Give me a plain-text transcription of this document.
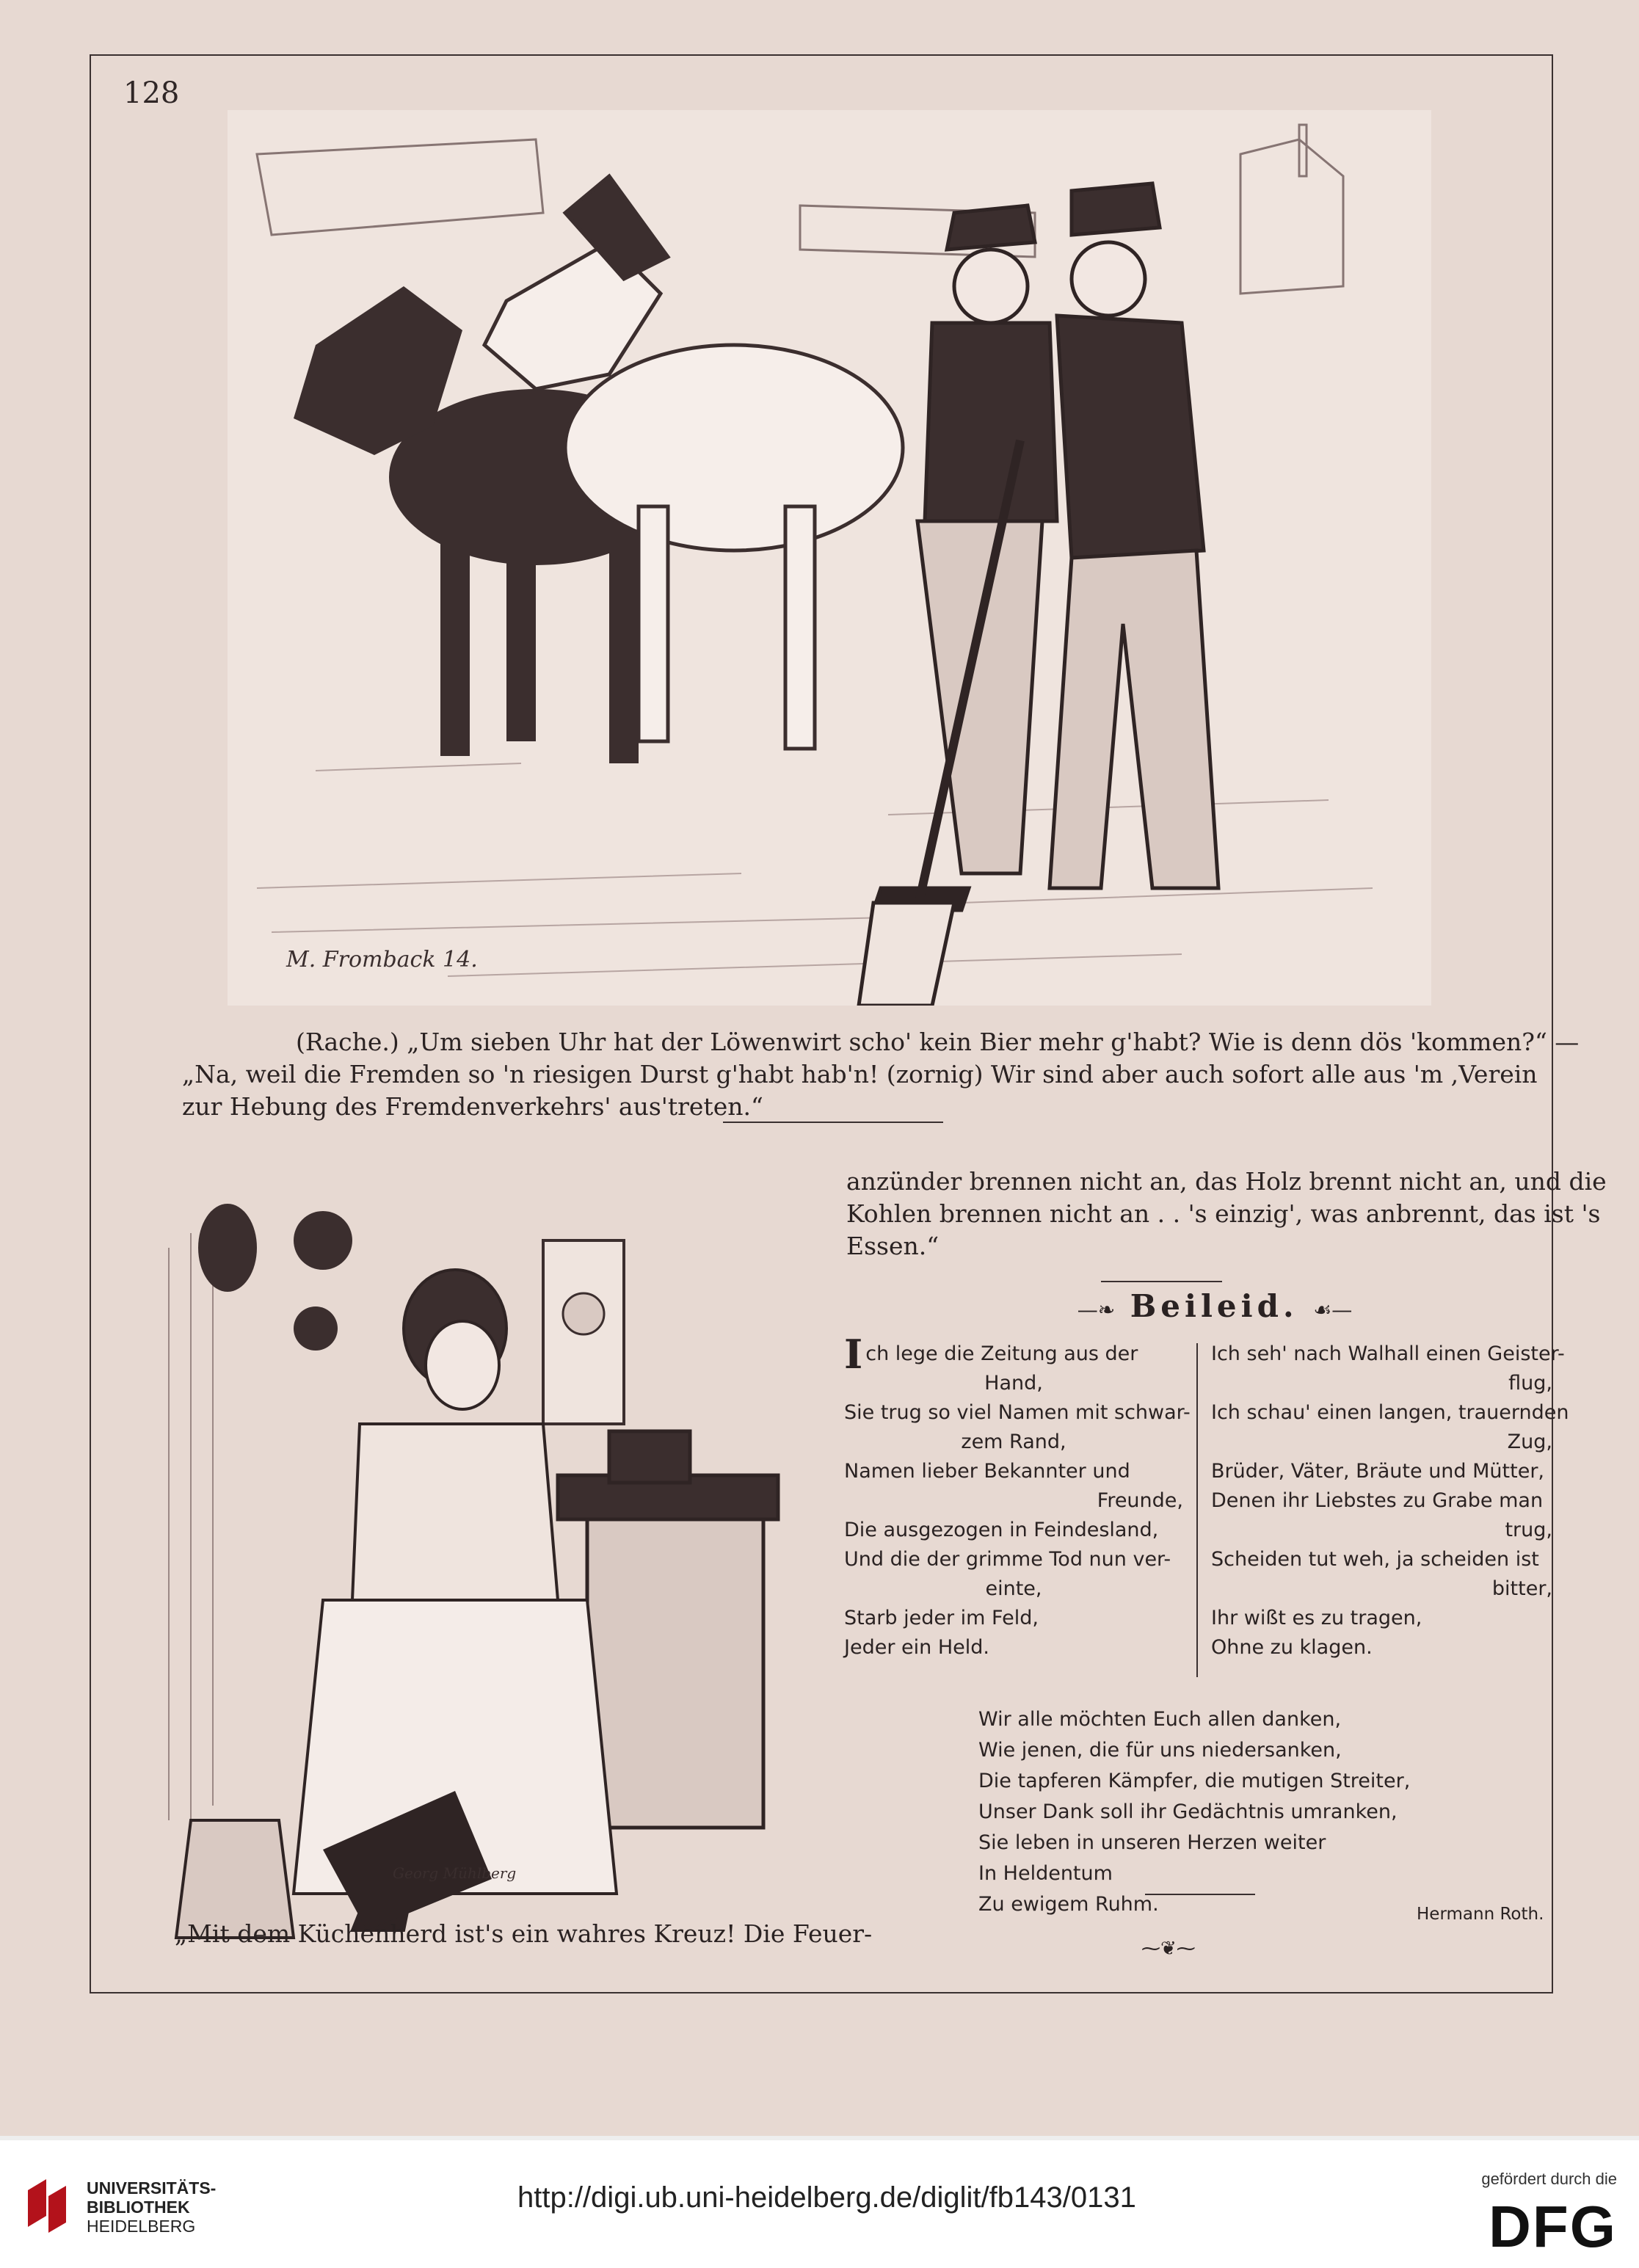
128
M. Fromback 14.

(Rache.) „Um sieben Uhr hat der Löwenwirt scho' kein Bier mehr g'habt? Wie is denn dös 'kommen?“ —

„Na, weil die Fremden so 'n riesigen Durst g'habt hab'n! (zornig) Wir sind aber auch sofort alle aus 'm ,Verein

zur Hebung des Fremdenverkehrs' aus'treten.“

Georg Mühlberg
„Mit dem Küchenherd ist's ein wahres Kreuz! Die Feuer-

anzünder brennen nicht an, das Holz brennt nicht an, und die

Kohlen brennen nicht an . . 's einzig', was anbrennt, das ist 's

Essen.“

—❧ Beileid. ☙—
Ich lege die Zeitung aus der
Hand,
Sie trug so viel Namen mit schwar-
zem Rand,
Namen lieber Bekannter und
Freunde,
Die ausgezogen in Feindesland,
Und die der grimme Tod nun ver-
einte,
Starb jeder im Feld,
Jeder ein Held.
Ich seh' nach Walhall einen Geister-
flug,
Ich schau' einen langen, trauernden
Zug,
Brüder, Väter, Bräute und Mütter,
Denen ihr Liebstes zu Grabe man
trug,
Scheiden tut weh, ja scheiden ist
bitter,
Ihr wißt es zu tragen,
Ohne zu klagen.
Wir alle möchten Euch allen danken,
Wie jenen, die für uns niedersanken,
Die tapferen Kämpfer, die mutigen Streiter,
Unser Dank soll ihr Gedächtnis umranken,
Sie leben in unseren Herzen weiter
In Heldentum
Zu ewigem Ruhm.	Hermann Roth.
⁓❦⁓
UNIVERSITÄTS-
BIBLIOTHEK
HEIDELBERG
http://digi.ub.uni-heidelberg.de/diglit/fb143/0131
gefördert durch die
DFG
